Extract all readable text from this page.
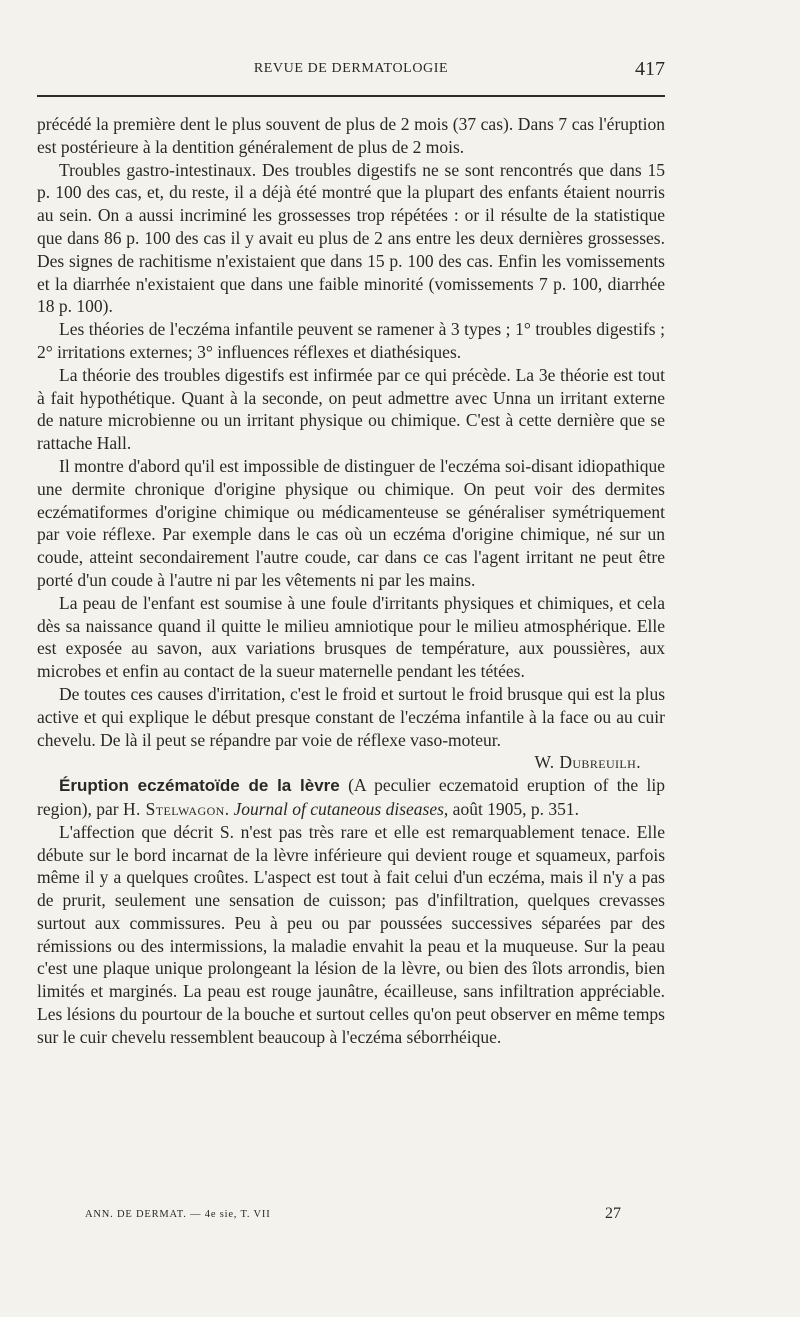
REVUE DE DERMATOLOGIE	417

précédé la première dent le plus souvent de plus de 2 mois (37 cas). Dans 7 cas l'éruption est postérieure à la dentition généralement de plus de 2 mois.

Troubles gastro-intestinaux. Des troubles digestifs ne se sont rencontrés que dans 15 p. 100 des cas, et, du reste, il a déjà été montré que la plupart des enfants étaient nourris au sein. On a aussi incriminé les grossesses trop répétées : or il résulte de la statistique que dans 86 p. 100 des cas il y avait eu plus de 2 ans entre les deux dernières grossesses. Des signes de rachitisme n'existaient que dans 15 p. 100 des cas. Enfin les vomissements et la diarrhée n'existaient que dans une faible minorité (vomissements 7 p. 100, diarrhée 18 p. 100).

Les théories de l'eczéma infantile peuvent se ramener à 3 types ; 1° troubles digestifs ; 2° irritations externes; 3° influences réflexes et diathésiques.

La théorie des troubles digestifs est infirmée par ce qui précède. La 3e théorie est tout à fait hypothétique. Quant à la seconde, on peut admettre avec Unna un irritant externe de nature microbienne ou un irritant physique ou chimique. C'est à cette dernière que se rattache Hall.

Il montre d'abord qu'il est impossible de distinguer de l'eczéma soi-disant idiopathique une dermite chronique d'origine physique ou chimique. On peut voir des dermites eczématiformes d'origine chimique ou médicamenteuse se généraliser symétriquement par voie réflexe. Par exemple dans le cas où un eczéma d'origine chimique, né sur un coude, atteint secondairement l'autre coude, car dans ce cas l'agent irritant ne peut être porté d'un coude à l'autre ni par les vêtements ni par les mains.

La peau de l'enfant est soumise à une foule d'irritants physiques et chimiques, et cela dès sa naissance quand il quitte le milieu amniotique pour le milieu atmosphérique. Elle est exposée au savon, aux variations brusques de température, aux poussières, aux microbes et enfin au contact de la sueur maternelle pendant les tétées.

De toutes ces causes d'irritation, c'est le froid et surtout le froid brusque qui est la plus active et qui explique le début presque constant de l'eczéma infantile à la face ou au cuir chevelu. De là il peut se répandre par voie de réflexe vaso-moteur.

W. Dubreuilh.

Éruption eczématoïde de la lèvre (A peculier eczematoid eruption of the lip region), par H. Stelwagon. Journal of cutaneous diseases, août 1905, p. 351.

L'affection que décrit S. n'est pas très rare et elle est remarquablement tenace. Elle débute sur le bord incarnat de la lèvre inférieure qui devient rouge et squameux, parfois même il y a quelques croûtes. L'aspect est tout à fait celui d'un eczéma, mais il n'y a pas de prurit, seulement une sensation de cuisson; pas d'infiltration, quelques crevasses surtout aux commissures. Peu à peu ou par poussées successives séparées par des rémissions ou des intermissions, la maladie envahit la peau et la muqueuse. Sur la peau c'est une plaque unique prolongeant la lésion de la lèvre, ou bien des îlots arrondis, bien limités et marginés. La peau est rouge jaunâtre, écailleuse, sans infiltration appréciable. Les lésions du pourtour de la bouche et surtout celles qu'on peut observer en même temps sur le cuir chevelu ressemblent beaucoup à l'eczéma séborrhéique.

ANN. DE DERMAT. — 4e sie, T. VII	27
